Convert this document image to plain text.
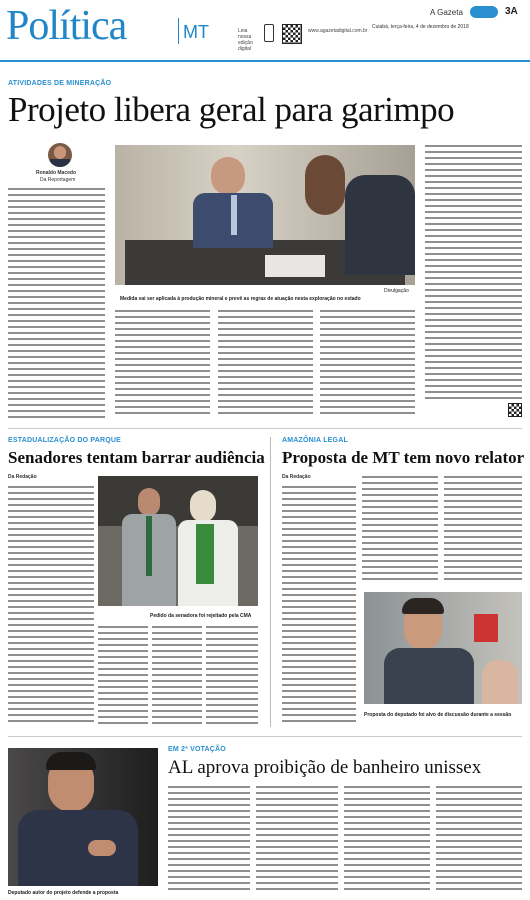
Política	MT	Leia nossa edição digital
www.agazetadigital.com.br
A Gazeta	3A
Cuiabá, terça-feira, 4 de dezembro de 2018
ATIVIDADES DE MINERAÇÃO
Projeto libera geral para garimpo
Ronaldo Macedo
Da Reportagem
Medida vai ser aplicada à produção mineral e prevê as regras de atuação nesta exploração no estado
Divulgação
ESTADUALIZAÇÃO DO PARQUE
Senadores tentam barrar audiência
Da Redação
Pedido da senadora foi rejeitado pela CMA
AMAZÔNIA LEGAL
Proposta de MT tem novo relator
Da Redação
Proposta do deputado foi alvo de discussão durante a sessão
Deputado autor do projeto defende a proposta
EM 2ª VOTAÇÃO
AL aprova proibição de banheiro unissex
